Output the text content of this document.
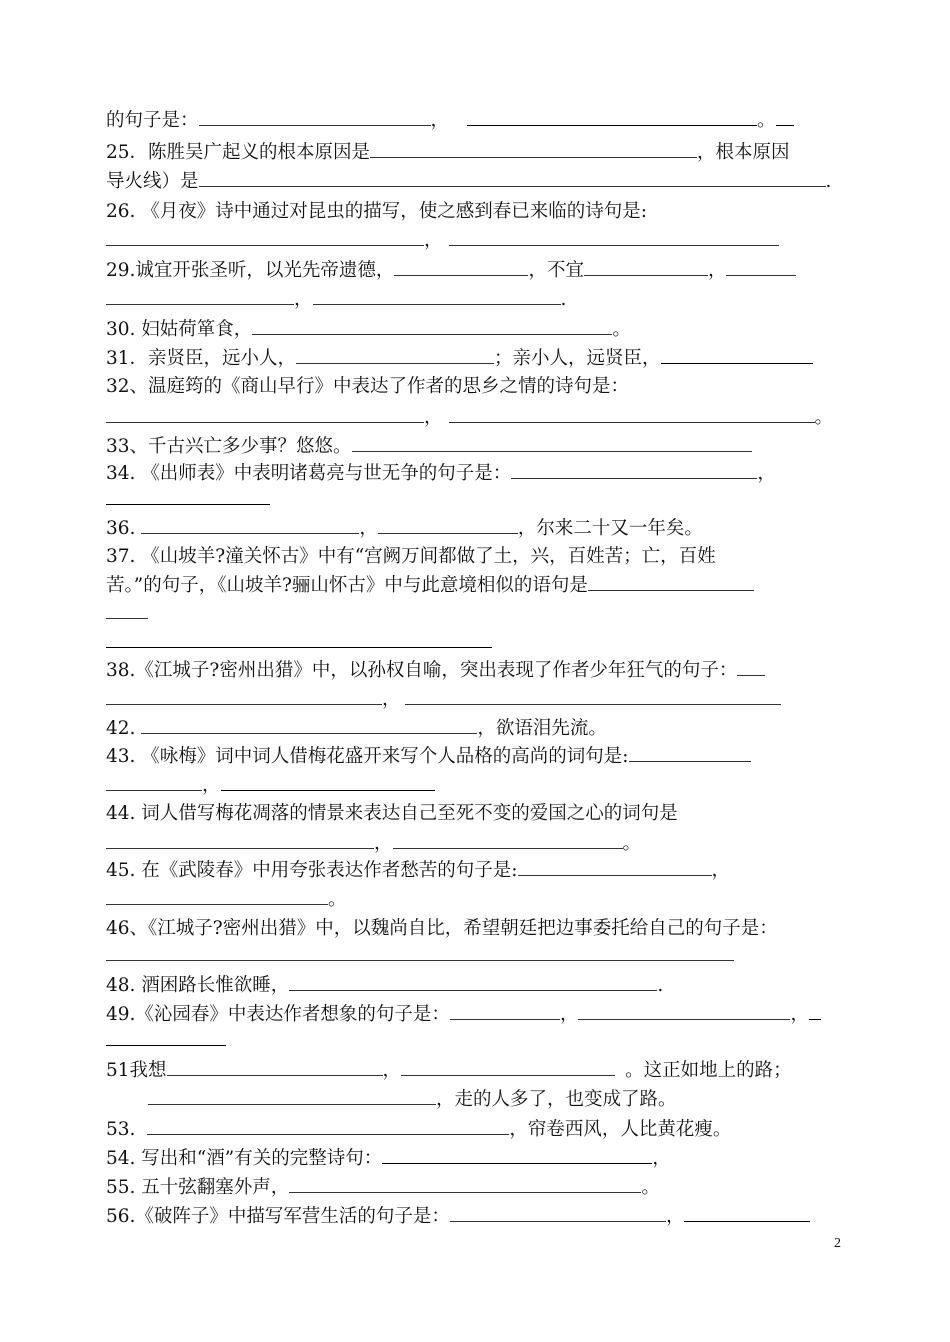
的句子是：	，	。
25．陈胜吴广起义的根本原因是	，根本原因
导火线）是	.
26. 《月夜》诗中通过对昆虫的描写，使之感到春已来临的诗句是:
，
29.诚宜开张圣听，以光先帝遗德，	，不宜	，
，	.
30. 妇姑荷箪食，	。
31．亲贤臣，远小人，	；亲小人，远贤臣，
32、温庭筠的《商山早行》中表达了作者的思乡之情的诗句是：
，	。
33、千古兴亡多少事？悠悠。
34. 《出师表》中表明诸葛亮与世无争的句子是：	，
36.	，	，尔来二十又一年矣。
37. 《山坡羊?潼关怀古》中有“宫阙万间都做了土，兴，百姓苦；亡，百姓
苦。”的句子，《山坡羊?骊山怀古》中与此意境相似的语句是
38.《江城子?密州出猎》中，以孙权自喻，突出表现了作者少年狂气的句子：
，
42.	，欲语泪先流。
43. 《咏梅》词中词人借梅花盛开来写个人品格的高尚的词句是:
，
44. 词人借写梅花凋落的情景来表达自己至死不变的爱国之心的词句是
，	。
45. 在《武陵春》中用夸张表达作者愁苦的句子是:	，
。
46、《江城子?密州出猎》中，以魏尚自比，希望朝廷把边事委托给自己的句子是：
48. 酒困路长惟欲睡，	.
49.《沁园春》中表达作者想象的句子是：	，	，
51我想	，	。这正如地上的路；
，走的人多了，也变成了路。
53.	，帘卷西风，人比黄花瘦。
54. 写出和“酒”有关的完整诗句：	，
55. 五十弦翻塞外声，	。
56.《破阵子》中描写军营生活的句子是：	，
2
